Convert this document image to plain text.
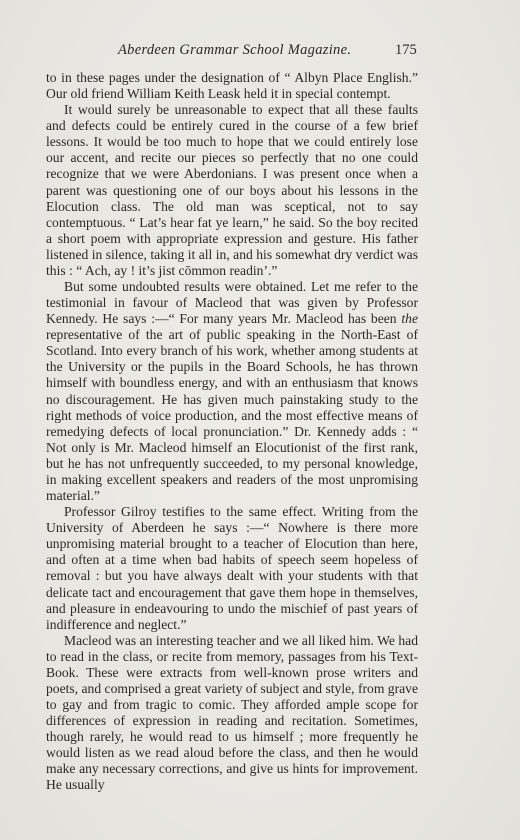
Aberdeen Grammar School Magazine.	175

to in these pages under the designation of “ Albyn Place English.” Our old friend William Keith Leask held it in special contempt.

It would surely be unreasonable to expect that all these faults and defects could be entirely cured in the course of a few brief lessons. It would be too much to hope that we could entirely lose our accent, and recite our pieces so perfectly that no one could recognize that we were Aberdonians. I was present once when a parent was questioning one of our boys about his lessons in the Elocution class. The old man was sceptical, not to say contemptuous. “ Lat’s hear fat ye learn,” he said. So the boy recited a short poem with appropriate expression and gesture. His father listened in silence, taking it all in, and his somewhat dry verdict was this : “ Ach, ay ! it’s jist cōmmon readin’.”

But some undoubted results were obtained. Let me refer to the testimonial in favour of Macleod that was given by Professor Kennedy. He says :—“ For many years Mr. Macleod has been the representative of the art of public speaking in the North-East of Scotland. Into every branch of his work, whether among students at the University or the pupils in the Board Schools, he has thrown himself with boundless energy, and with an enthusiasm that knows no discouragement. He has given much painstaking study to the right methods of voice production, and the most effective means of remedying defects of local pronunciation.” Dr. Kennedy adds : “ Not only is Mr. Macleod himself an Elocutionist of the first rank, but he has not unfrequently succeeded, to my personal knowledge, in making excellent speakers and readers of the most unpromising material.”

Professor Gilroy testifies to the same effect. Writing from the University of Aberdeen he says :—“ Nowhere is there more unpromising material brought to a teacher of Elocution than here, and often at a time when bad habits of speech seem hopeless of removal : but you have always dealt with your students with that delicate tact and encouragement that gave them hope in themselves, and pleasure in endeavouring to undo the mischief of past years of indifference and neglect.”

Macleod was an interesting teacher and we all liked him. We had to read in the class, or recite from memory, passages from his Text-Book. These were extracts from well-known prose writers and poets, and comprised a great variety of subject and style, from grave to gay and from tragic to comic. They afforded ample scope for differences of expression in reading and recitation. Sometimes, though rarely, he would read to us himself ; more frequently he would listen as we read aloud before the class, and then he would make any necessary corrections, and give us hints for improvement. He usually
